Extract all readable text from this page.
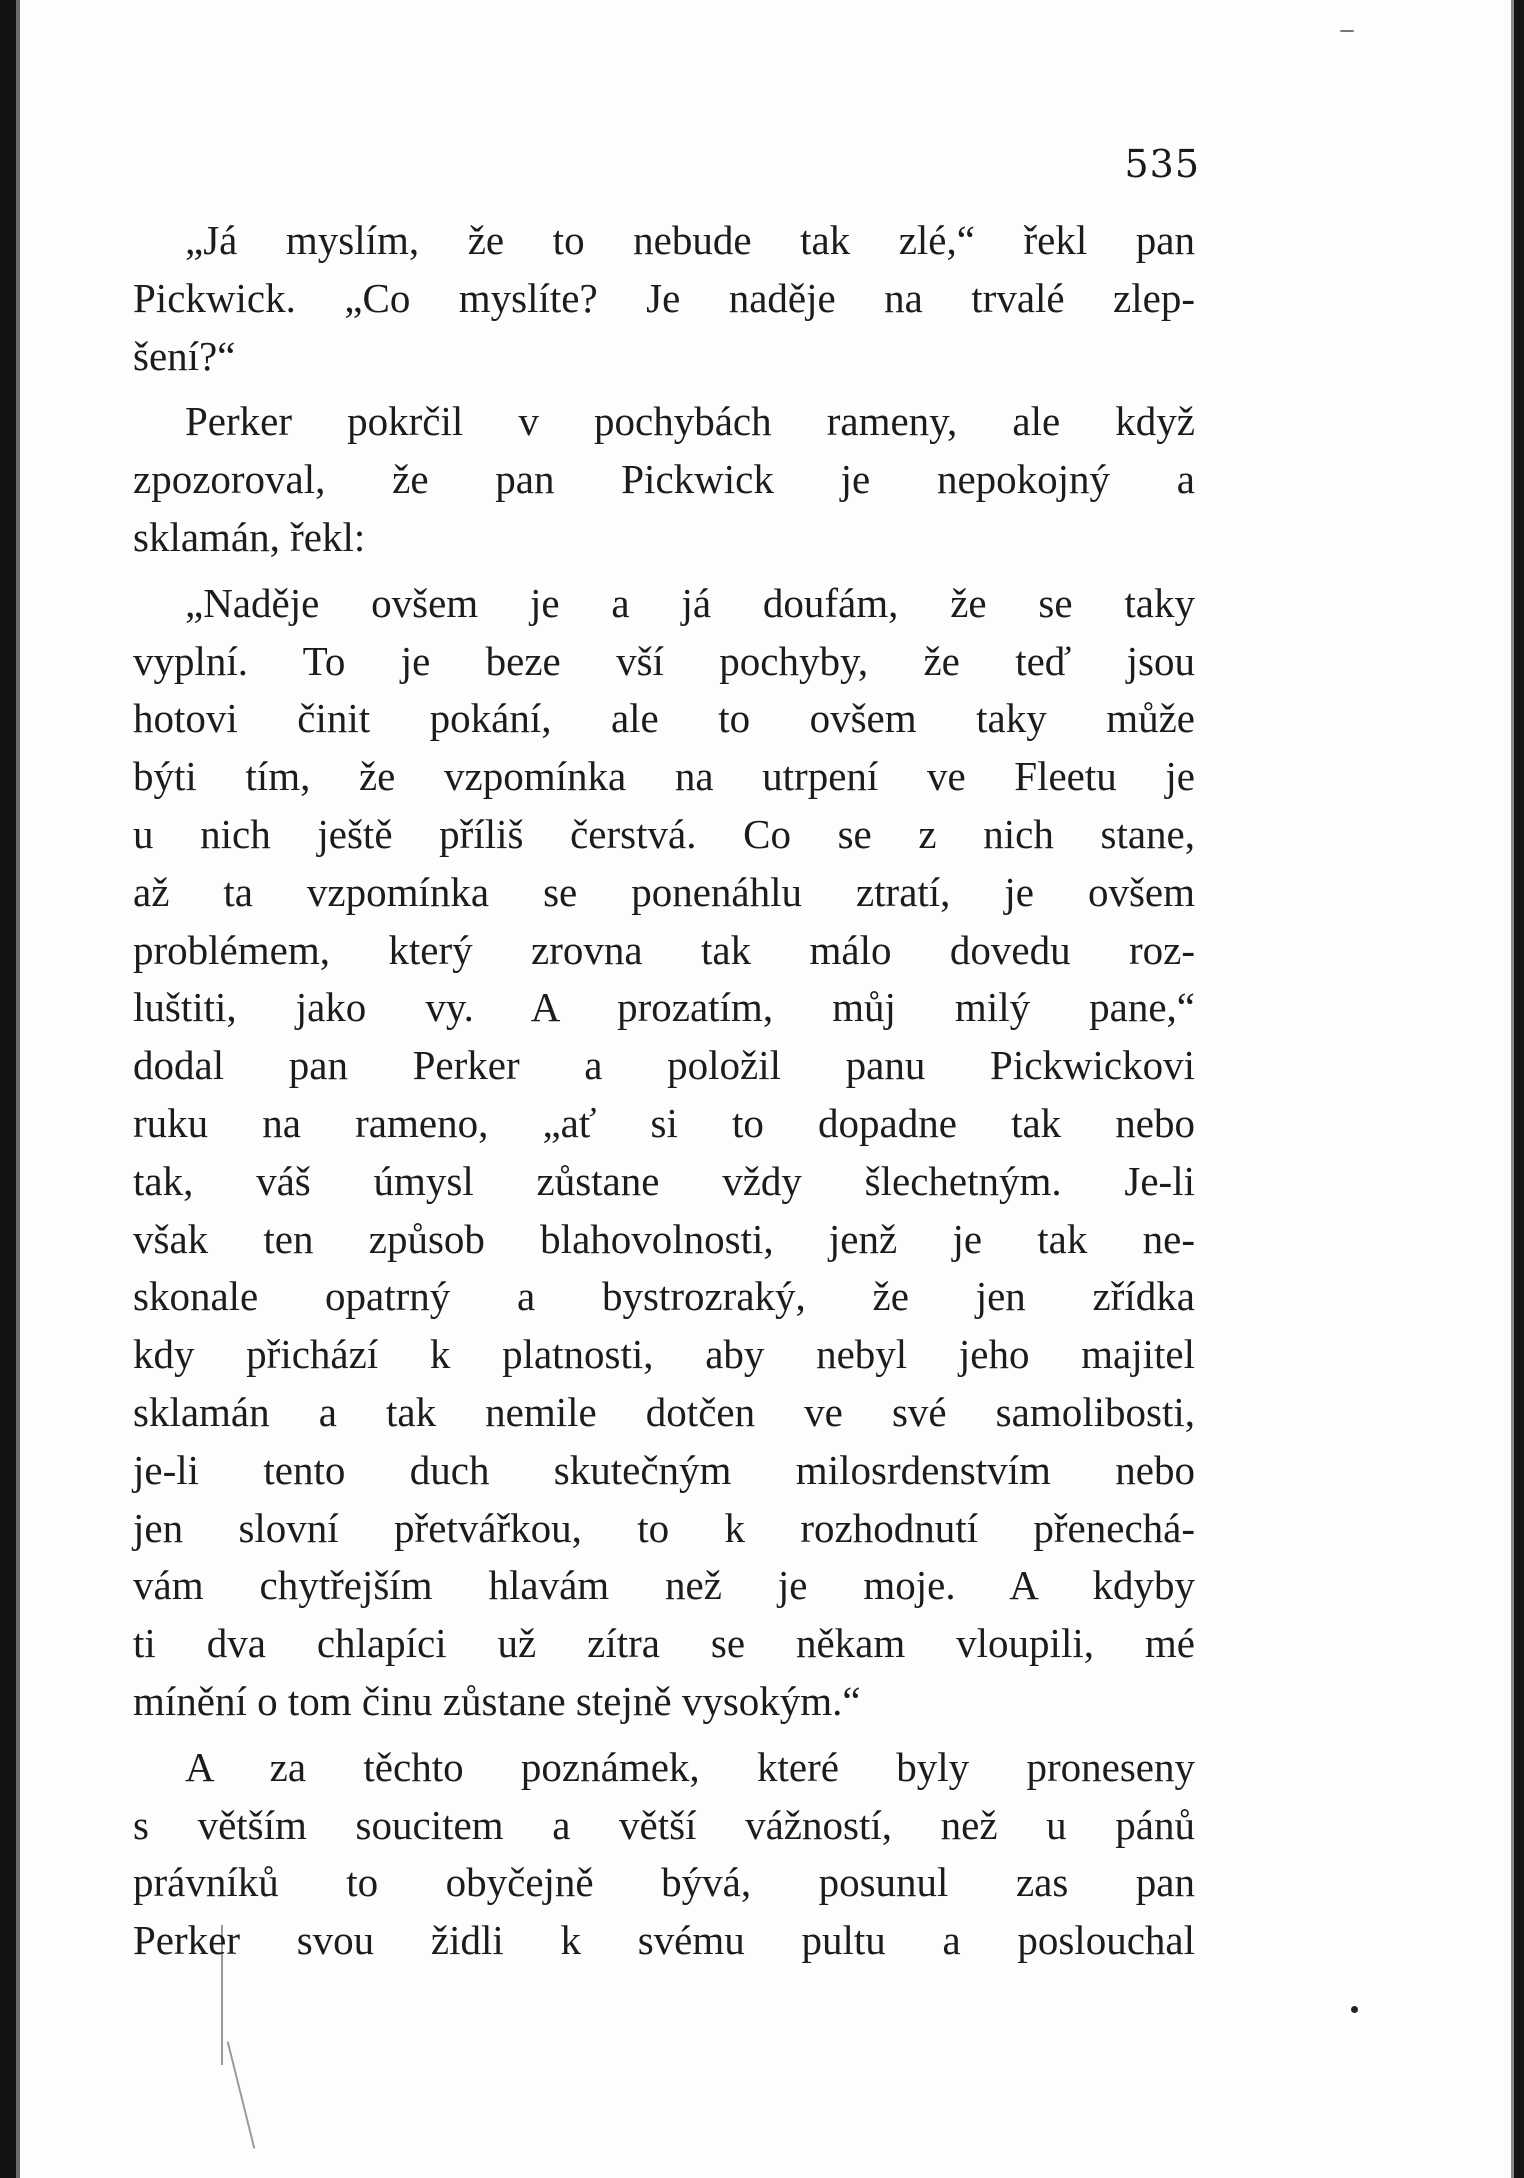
535
„Já myslím, že to nebude tak zlé,“ řekl pan
Pickwick. „Co myslíte? Je naděje na trvalé zlep-
šení?“
Perker pokrčil v pochybách rameny, ale když
zpozoroval, že pan Pickwick je nepokojný a
sklamán, řekl:
„Naděje ovšem je a já doufám, že se taky
vyplní. To je beze vší pochyby, že teď jsou
hotovi činit pokání, ale to ovšem taky může
býti tím, že vzpomínka na utrpení ve Fleetu je
u nich ještě příliš čerstvá. Co se z nich stane,
až ta vzpomínka se ponenáhlu ztratí, je ovšem
problémem, který zrovna tak málo dovedu roz-
luštiti, jako vy. A prozatím, můj milý pane,“
dodal pan Perker a položil panu Pickwickovi
ruku na rameno, „ať si to dopadne tak nebo
tak, váš úmysl zůstane vždy šlechetným. Je-li
však ten způsob blahovolnosti, jenž je tak ne-
skonale opatrný a bystrozraký, že jen zřídka
kdy přichází k platnosti, aby nebyl jeho majitel
sklamán a tak nemile dotčen ve své samolibosti,
je-li tento duch skutečným milosrdenstvím nebo
jen slovní přetvářkou, to k rozhodnutí přenechá-
vám chytřejším hlavám než je moje. A kdyby
ti dva chlapíci už zítra se někam vloupili, mé
mínění o tom činu zůstane stejně vysokým.“
A za těchto poznámek, které byly proneseny
s větším soucitem a větší vážností, než u pánů
právníků to obyčejně bývá, posunul zas pan
Perker svou židli k svému pultu a poslouchal
